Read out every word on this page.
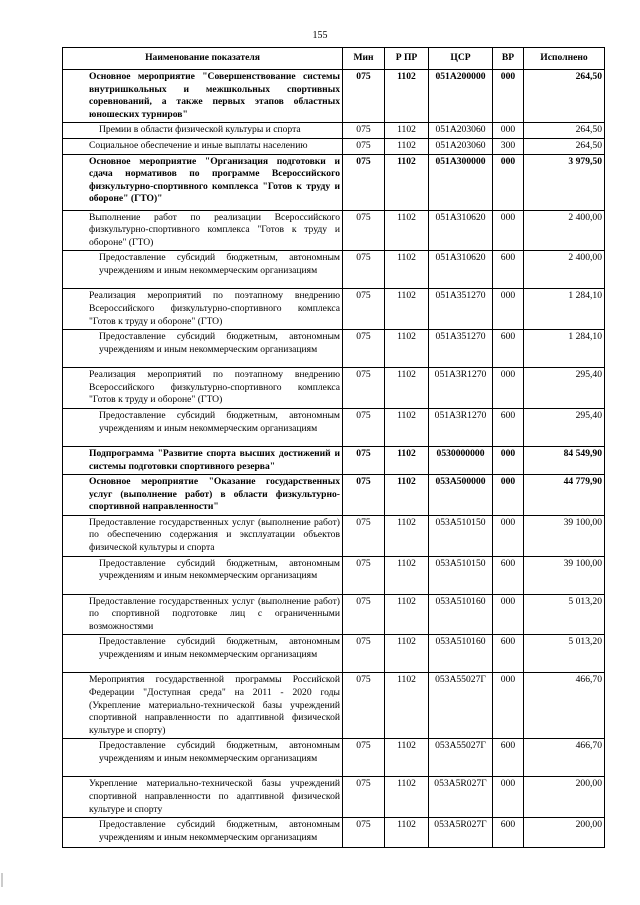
155
Наименование показателя	Мин	Р ПР	ЦСР	ВР	Исполнено
Основное мероприятие "Совершенствование системы внутришкольных и межшкольных спортивных соревнований, а также первых этапов областных юношеских турниров"	075	1102	051А200000	000	264,50
Премии в области физической культуры и спорта	075	1102	051А203060	000	264,50
Социальное обеспечение и иные выплаты населению	075	1102	051А203060	300	264,50
Основное мероприятие "Организация подготовки и сдача нормативов по программе Всероссийского физкультурно-спортивного комплекса "Готов к труду и обороне" (ГТО)"	075	1102	051А300000	000	3 979,50
Выполнение работ по реализации Всероссийского физкультурно-спортивного комплекса "Готов к труду и обороне" (ГТО)	075	1102	051А310620	000	2 400,00
Предоставление субсидий бюджетным, автономным учреждениям и иным некоммерческим организациям	075	1102	051А310620	600	2 400,00
Реализация мероприятий по поэтапному внедрению Всероссийского физкультурно-спортивного комплекса "Готов к труду и обороне" (ГТО)	075	1102	051А351270	000	1 284,10
Предоставление субсидий бюджетным, автономным учреждениям и иным некоммерческим организациям	075	1102	051А351270	600	1 284,10
Реализация мероприятий по поэтапному внедрению Всероссийского физкультурно-спортивного комплекса "Готов к труду и обороне" (ГТО)	075	1102	051А3R1270	000	295,40
Предоставление субсидий бюджетным, автономным учреждениям и иным некоммерческим организациям	075	1102	051А3R1270	600	295,40
Подпрограмма "Развитие спорта высших достижений и системы подготовки спортивного резерва"	075	1102	0530000000	000	84 549,90
Основное мероприятие "Оказание государственных услуг (выполнение работ) в области физкультурно-спортивной направленности"	075	1102	053А500000	000	44 779,90
Предоставление государственных услуг (выполнение работ) по обеспечению содержания и эксплуатации объектов физической культуры и спорта	075	1102	053А510150	000	39 100,00
Предоставление субсидий бюджетным, автономным учреждениям и иным некоммерческим организациям	075	1102	053А510150	600	39 100,00
Предоставление государственных услуг (выполнение работ) по спортивной подготовке лиц с ограниченными возможностями	075	1102	053А510160	000	5 013,20
Предоставление субсидий бюджетным, автономным учреждениям и иным некоммерческим организациям	075	1102	053А510160	600	5 013,20
Мероприятия государственной программы Российской Федерации "Доступная среда" на 2011 - 2020 годы (Укрепление материально-технической базы учреждений спортивной направленности по адаптивной физической культуре и спорту)	075	1102	053А55027Г	000	466,70
Предоставление субсидий бюджетным, автономным учреждениям и иным некоммерческим организациям	075	1102	053А55027Г	600	466,70
Укрепление материально-технической базы учреждений спортивной направленности по адаптивной физической культуре и спорту	075	1102	053А5R027Г	000	200,00
Предоставление субсидий бюджетным, автономным учреждениям и иным некоммерческим организациям	075	1102	053А5R027Г	600	200,00
